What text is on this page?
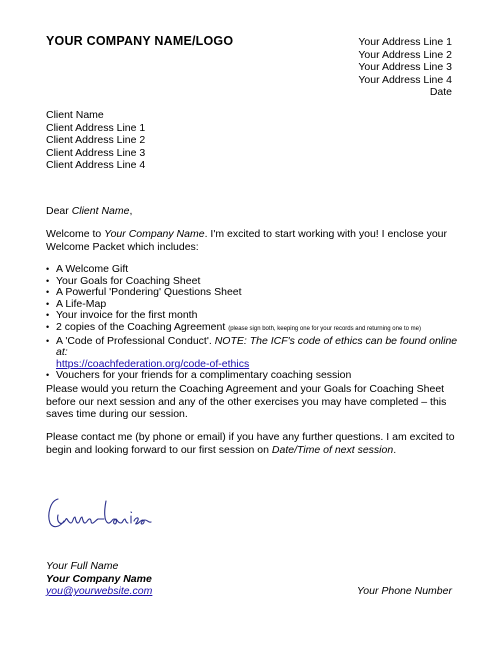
YOUR COMPANY NAME/LOGO	Your Address Line 1
Your Address Line 2
Your Address Line 3
Your Address Line 4
Date
Client Name
Client Address Line 1
Client Address Line 2
Client Address Line 3
Client Address Line 4
Dear Client Name,
Welcome to Your Company Name. I'm excited to start working with you! I enclose your Welcome Packet which includes:
• A Welcome Gift
• Your Goals for Coaching Sheet
• A Powerful 'Pondering' Questions Sheet
• A Life-Map
• Your invoice for the first month
• 2 copies of the Coaching Agreement (please sign both, keeping one for your records and returning one to me)
• A 'Code of Professional Conduct'. NOTE: The ICF's code of ethics can be found online at:
https://coachfederation.org/code-of-ethics
• Vouchers for your friends for a complimentary coaching session
Please would you return the Coaching Agreement and your Goals for Coaching Sheet before our next session and any of the other exercises you may have completed – this saves time during our session.
Please contact me (by phone or email) if you have any further questions. I am excited to begin and looking forward to our first session on Date/Time of next session.
Your Full Name
Your Company Name
you@yourwebsite.com	Your Phone Number
